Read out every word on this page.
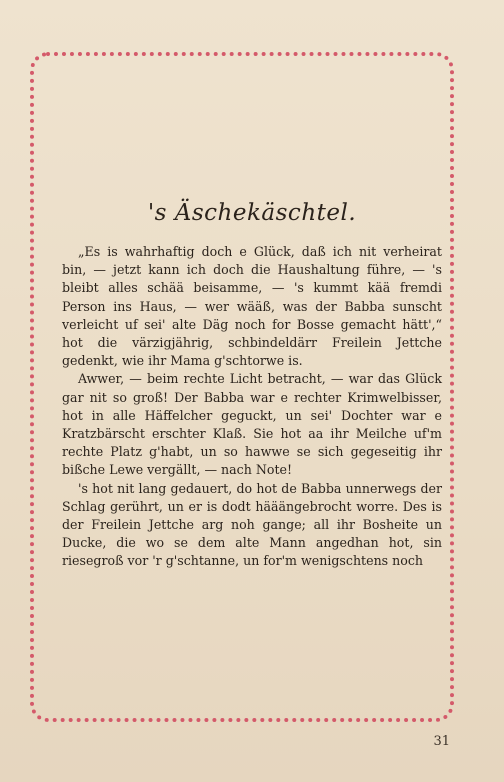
's Äschekäschtel.

„Es is wahrhaftig doch e Glück, daß ich nit verheirat bin, — jetzt kann ich doch die Haushaltung führe, — 's bleibt alles schää beisamme, — 's kummt kää fremdi Person ins Haus, — wer wääß, was der Babba sunscht verleicht uf sei' alte Däg noch for Bosse gemacht hätt',“ hot die värzigjährig, schbindeldärr Freilein Jettche gedenkt, wie ihr Mama g'schtorwe is.

Awwer, — beim rechte Licht betracht, — war das Glück gar nit so groß! Der Babba war e rechter Krimwelbisser, hot in alle Häffelcher geguckt, un sei' Dochter war e Kratzbärscht erschter Klaß. Sie hot aa ihr Meilche uf'm rechte Platz g'habt, un so hawwe se sich gegeseitig ihr bißche Lewe vergällt, — nach Note!

's hot nit lang gedauert, do hot de Babba unnerwegs der Schlag gerührt, un er is dodt hääängebrocht worre. Des is der Freilein Jettche arg noh gange; all ihr Bosheite un Ducke, die wo se dem alte Mann angedhan hot, sin riesegroß vor 'r g'schtanne, un for'm wenigschtens noch

31
